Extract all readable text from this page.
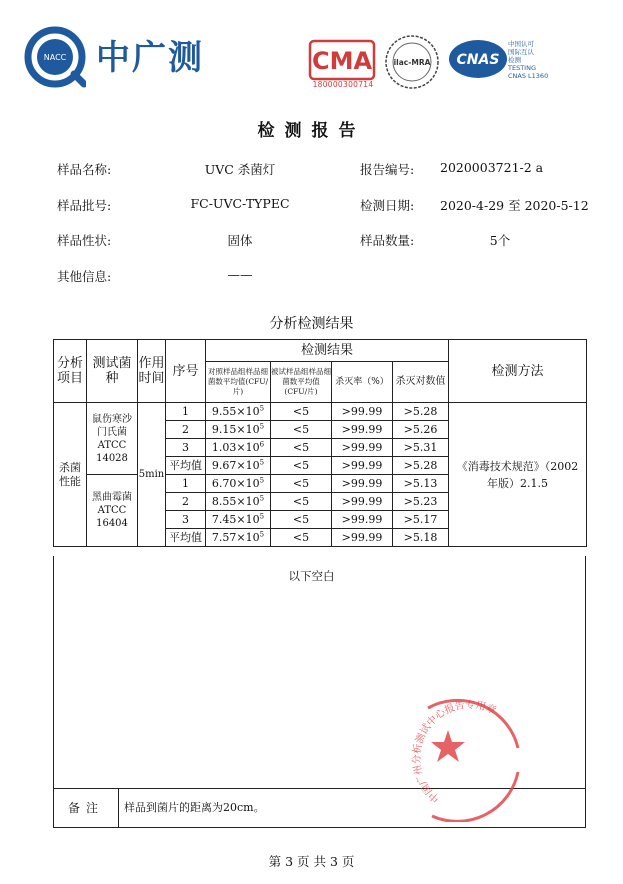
NACC 中广测	CMA
180000300714
ilac-MRA CNAS
中国认可
国际互认
检测
TESTING
CNAS L1360
检测报告
样品名称:	UVC 杀菌灯	报告编号: 2020003721-2 a
样品批号:	FC-UVC-TYPEC	检测日期: 2020-4-29 至 2020-5-12
样品性状:	固体	样品数量:	5个
其他信息:	——
分析检测结果
分析项目	测试菌种	作用时间	序号	检测结果				检测方法
				对照样品组样品细菌数平均值(CFU/片)	被试样品组样品细菌数平均值(CFU/片)	杀灭率（%）	杀灭对数值	
杀菌性能	鼠伤寒沙
门氏菌
ATCC
14028	5min	1	$9.55\times 10^5$	<5	>99.99	>5.28	《消毒技术规范》（2002年版）2.1.5
			2	$9.15\times 10^5$	<5	>99.99	>5.26	
			3	$1.03\times 10^6$	<5	>99.99	>5.31	
			平均值	$9.67\times 10^5$	<5	>99.99	>5.28	

	黑曲霉菌
ATCC
16404		1	$6.70\times 10^5$	<5	>99.99	>5.13	
			2	$8.55\times 10^5$	<5	>99.99	>5.23	
			3	$7.45\times 10^5$	<5	>99.99	>5.17	
			平均值	$7.57\times 10^5$	<5	>99.99	>5.18	
备注	样品到菌片的距离为20cm。
以下空白
中国广州分析测试中心报告专用章
第 3 页 共 3 页
